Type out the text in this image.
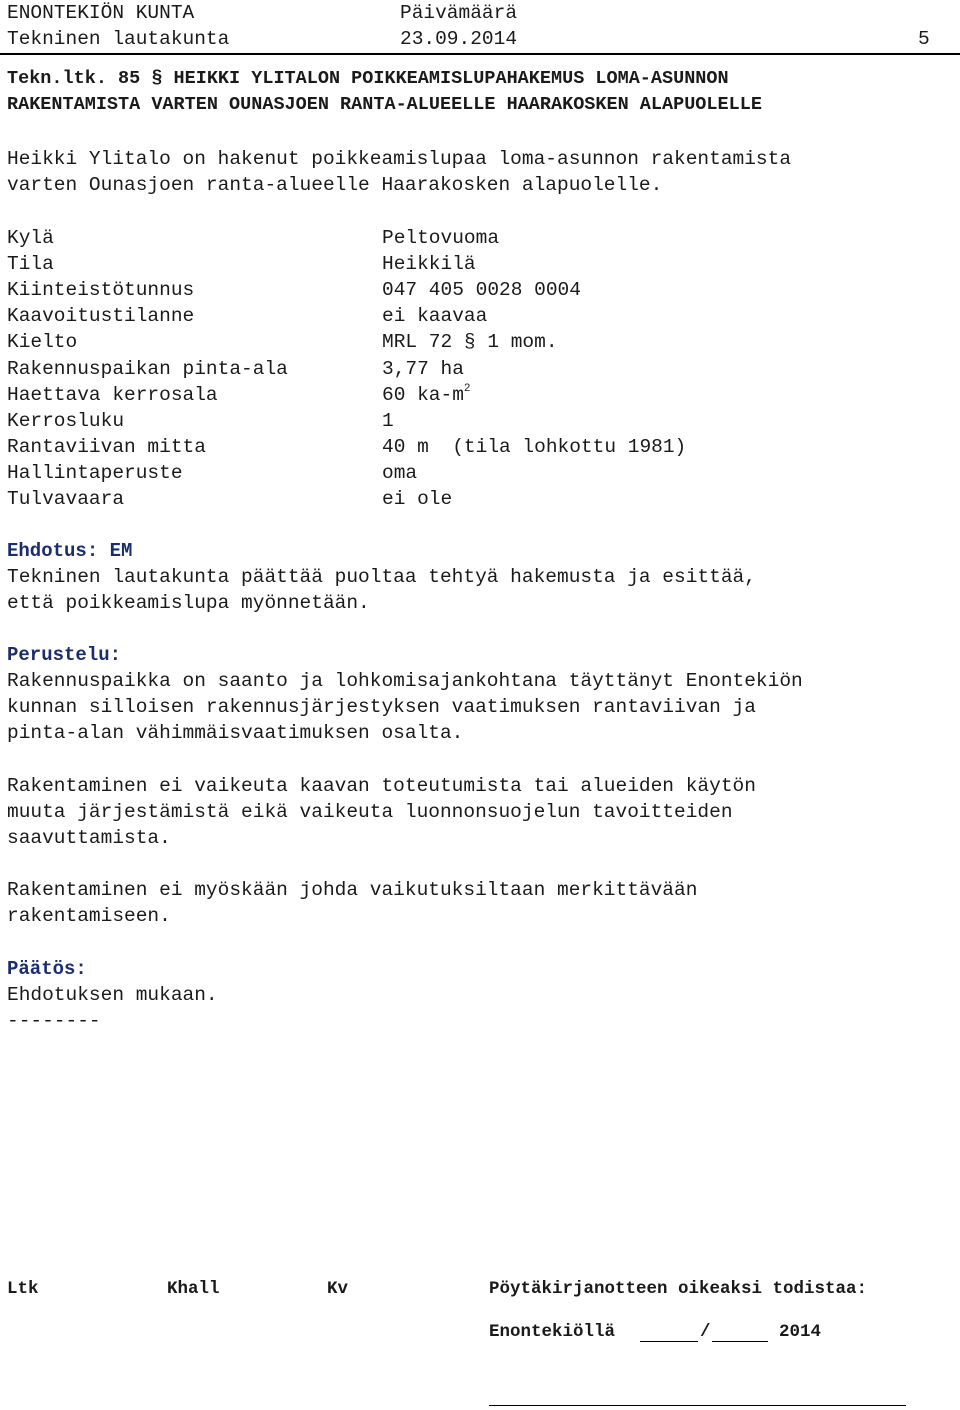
ENONTEKIÖN KUNTA	Päivämäärä
Tekninen lautakunta	23.09.2014	5
Tekn.ltk. 85 § HEIKKI YLITALON POIKKEAMISLUPAHAKEMUS LOMA-ASUNNON
RAKENTAMISTA VARTEN OUNASJOEN RANTA-ALUEELLE HAARAKOSKEN ALAPUOLELLE
Heikki Ylitalo on hakenut poikkeamislupaa loma-asunnon rakentamista
varten Ounasjoen ranta-alueelle Haarakosken alapuolelle.
Kylä	Peltovuoma
Tila	Heikkilä
Kiinteistötunnus	047 405 0028 0004
Kaavoitustilanne	ei kaavaa
Kielto	MRL 72 § 1 mom.
Rakennuspaikan pinta-ala	3,77 ha
Haettava kerrosala	60 $ka-m^2$
Kerrosluku	1
Rantaviivan mitta	40 m  (tila lohkottu 1981)
Hallintaperuste	oma
Tulvavaara	ei ole
Ehdotus: EM
Tekninen lautakunta päättää puoltaa tehtyä hakemusta ja esittää,
että poikkeamislupa myönnetään.
Perustelu:
Rakennuspaikka on saanto ja lohkomisajankohtana täyttänyt Enontekiön
kunnan silloisen rakennusjärjestyksen vaatimuksen rantaviivan ja
pinta-alan vähimmäisvaatimuksen osalta.
Rakentaminen ei vaikeuta kaavan toteutumista tai alueiden käytön
muuta järjestämistä eikä vaikeuta luonnonsuojelun tavoitteiden
saavuttamista.
Rakentaminen ei myöskään johda vaikutuksiltaan merkittävään
rakentamiseen.
Päätös:
Ehdotuksen mukaan.
--------
Ltk	Khall	Kv	Pöytäkirjanotteen oikeaksi todistaa:
Enontekiöllä	/	2014
